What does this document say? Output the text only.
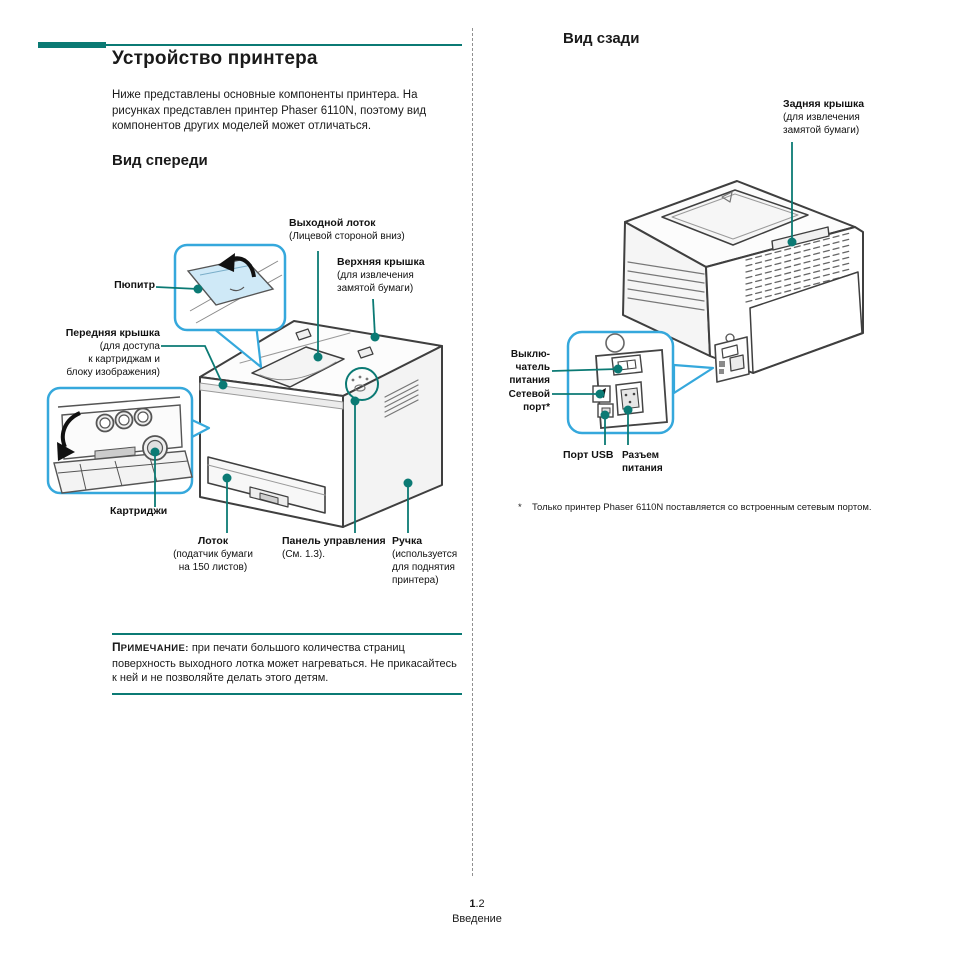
Устройство принтера
Ниже представлены основные компоненты принтера. На рисунках представлен принтер Phaser 6110N, поэтому вид компонентов других моделей может отличаться.
Вид спереди
Вид сзади
Выходной лоток
(Лицевой стороной вниз)
Верхняя крышка
(для извлечения
замятой бумаги)
Пюпитр
Передняя крышка
(для доступа
к картриджам и
блоку изображения)
Картриджи
Лоток
(податчик бумаги
на 150 листов)
Панель управления
(См. 1.3).
Ручка
(используется
для поднятия
принтера)
ПРИМЕЧАНИЕ: при печати большого количества страниц поверхность выходного лотка может нагреваться. Не прикасайтесь к ней и не позволяйте делать этого детям.
Задняя крышка
(для извлечения
замятой бумаги)
Выклю-
чатель
питания
Сетевой
порт*
Порт USB Разъем
питания
* Только принтер Phaser 6110N поставляется со встроенным сетевым портом.
1.2
Введение
